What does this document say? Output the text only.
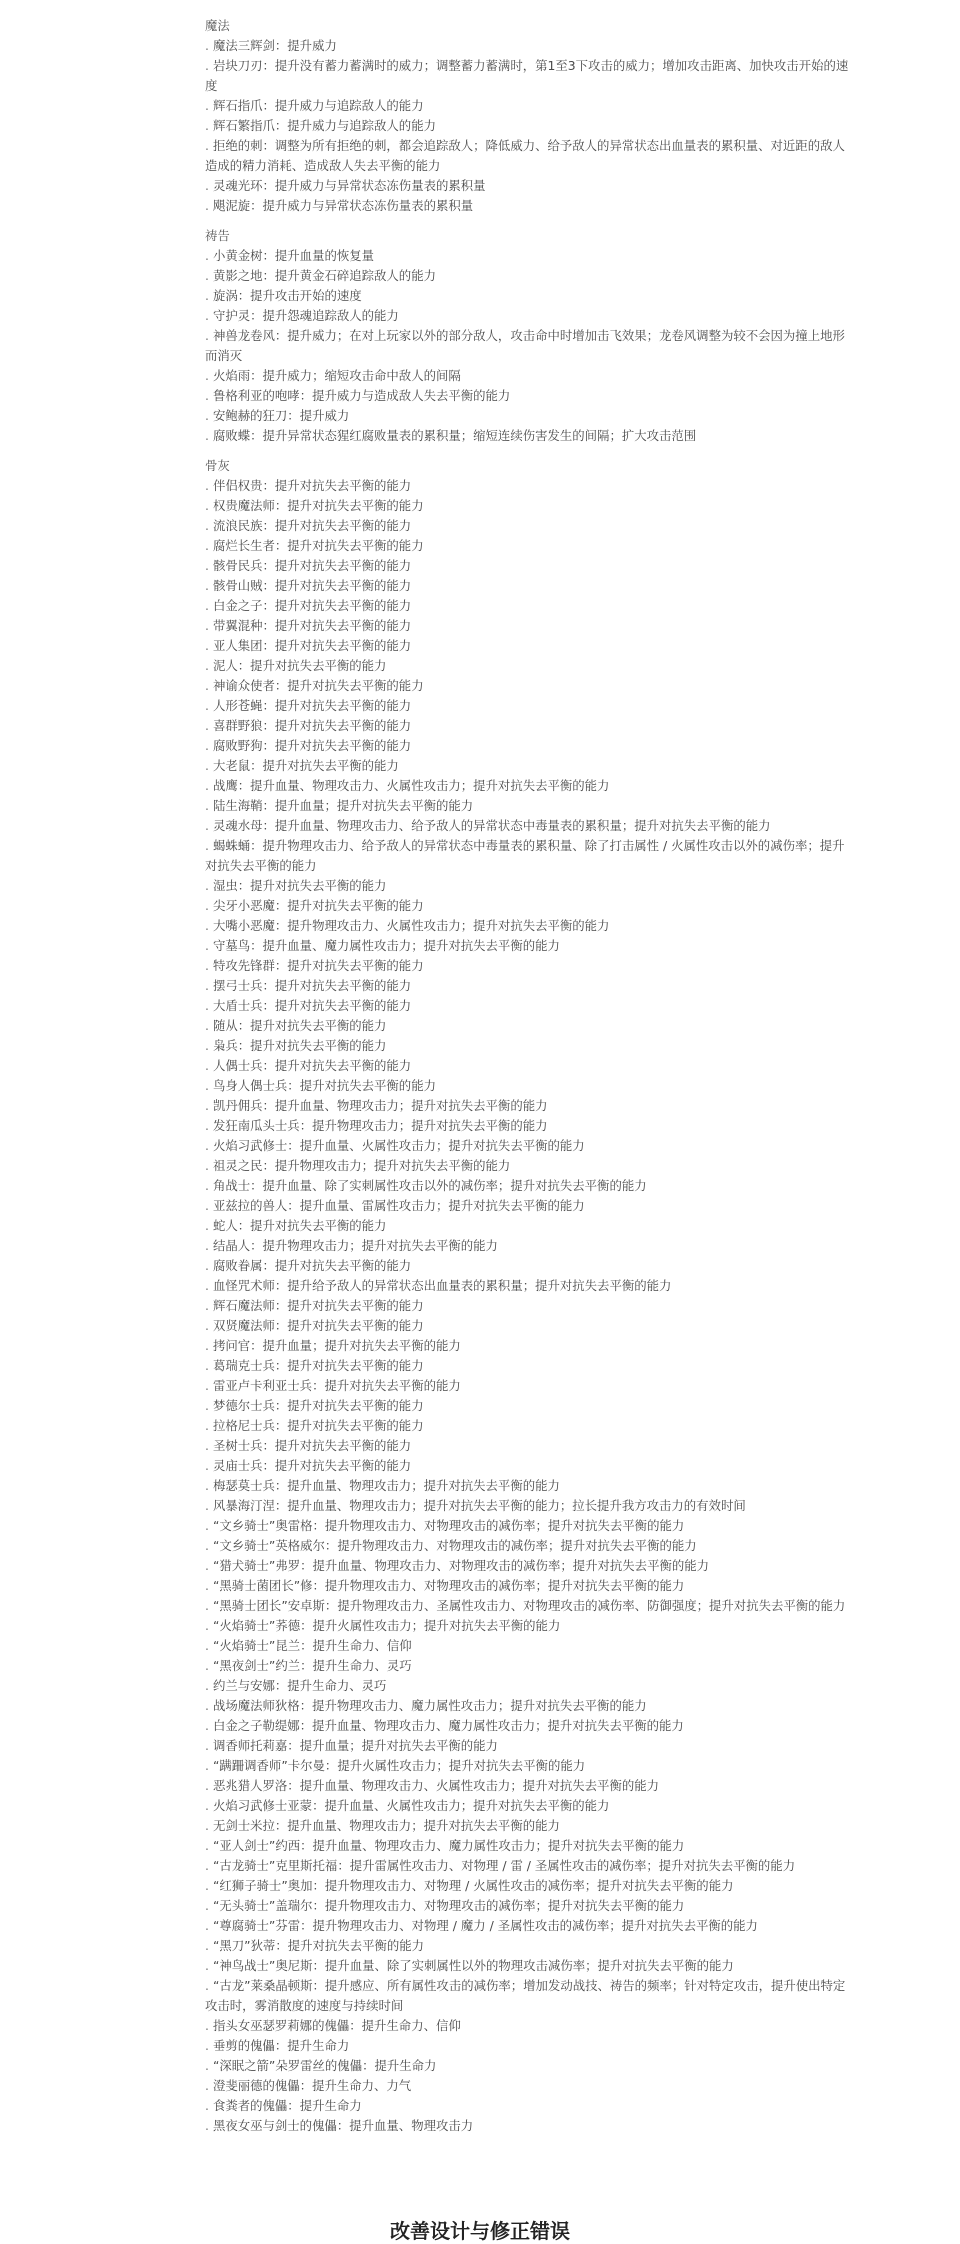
魔法

. 魔法三辉剑：提升威力

. 岩块刀刃：提升没有蓄力蓄满时的威力；调整蓄力蓄满时，第1至3下攻击的威力；增加攻击距离、加快攻击开始的速度

. 辉石指爪：提升威力与追踪敌人的能力

. 辉石繁指爪：提升威力与追踪敌人的能力

. 拒绝的刺：调整为所有拒绝的刺，都会追踪敌人；降低威力、给予敌人的异常状态出血量表的累积量、对近距的敌人造成的精力消耗、造成敌人失去平衡的能力

. 灵魂光环：提升威力与异常状态冻伤量表的累积量

. 飓泥旋：提升威力与异常状态冻伤量表的累积量

祷告

. 小黄金树：提升血量的恢复量

. 黄影之地：提升黄金石碎追踪敌人的能力

. 旋涡：提升攻击开始的速度

. 守护灵：提升怨魂追踪敌人的能力

. 神兽龙卷风：提升威力；在对上玩家以外的部分敌人，攻击命中时增加击飞效果；龙卷风调整为较不会因为撞上地形而消灭

. 火焰雨：提升威力；缩短攻击命中敌人的间隔

. 鲁格利亚的咆哮：提升威力与造成敌人失去平衡的能力

. 安鲍赫的狂刀：提升威力

. 腐败蝶：提升异常状态猩红腐败量表的累积量；缩短连续伤害发生的间隔；扩大攻击范围

骨灰

. 伴侣权贵：提升对抗失去平衡的能力

. 权贵魔法师：提升对抗失去平衡的能力

. 流浪民族：提升对抗失去平衡的能力

. 腐烂长生者：提升对抗失去平衡的能力

. 骸骨民兵：提升对抗失去平衡的能力

. 骸骨山贼：提升对抗失去平衡的能力

. 白金之子：提升对抗失去平衡的能力

. 带翼混种：提升对抗失去平衡的能力

. 亚人集团：提升对抗失去平衡的能力

. 泥人：提升对抗失去平衡的能力

. 神谕众使者：提升对抗失去平衡的能力

. 人形苍蝇：提升对抗失去平衡的能力

. 喜群野狼：提升对抗失去平衡的能力

. 腐败野狗：提升对抗失去平衡的能力

. 大老鼠：提升对抗失去平衡的能力

. 战鹰：提升血量、物理攻击力、火属性攻击力；提升对抗失去平衡的能力

. 陆生海鞘：提升血量；提升对抗失去平衡的能力

. 灵魂水母：提升血量、物理攻击力、给予敌人的异常状态中毒量表的累积量；提升对抗失去平衡的能力

. 蝎蛛蛹：提升物理攻击力、给予敌人的异常状态中毒量表的累积量、除了打击属性 / 火属性攻击以外的减伤率；提升对抗失去平衡的能力

. 湿虫：提升对抗失去平衡的能力

. 尖牙小恶魔：提升对抗失去平衡的能力

. 大嘴小恶魔：提升物理攻击力、火属性攻击力；提升对抗失去平衡的能力

. 守墓鸟：提升血量、魔力属性攻击力；提升对抗失去平衡的能力

. 特攻先锋群：提升对抗失去平衡的能力

. 摆弓士兵：提升对抗失去平衡的能力

. 大盾士兵：提升对抗失去平衡的能力

. 随从：提升对抗失去平衡的能力

. 枭兵：提升对抗失去平衡的能力

. 人偶士兵：提升对抗失去平衡的能力

. 鸟身人偶士兵：提升对抗失去平衡的能力

. 凯丹佣兵：提升血量、物理攻击力；提升对抗失去平衡的能力

. 发狂南瓜头士兵：提升物理攻击力；提升对抗失去平衡的能力

. 火焰习武修士：提升血量、火属性攻击力；提升对抗失去平衡的能力

. 祖灵之民：提升物理攻击力；提升对抗失去平衡的能力

. 角战士：提升血量、除了实刺属性攻击以外的减伤率；提升对抗失去平衡的能力

. 亚兹拉的兽人：提升血量、雷属性攻击力；提升对抗失去平衡的能力

. 蛇人：提升对抗失去平衡的能力

. 结晶人：提升物理攻击力；提升对抗失去平衡的能力

. 腐败眷属：提升对抗失去平衡的能力

. 血怪咒术师：提升给予敌人的异常状态出血量表的累积量；提升对抗失去平衡的能力

. 辉石魔法师：提升对抗失去平衡的能力

. 双贤魔法师：提升对抗失去平衡的能力

. 拷问官：提升血量；提升对抗失去平衡的能力

. 葛瑞克士兵：提升对抗失去平衡的能力

. 雷亚卢卡利亚士兵：提升对抗失去平衡的能力

. 梦德尔士兵：提升对抗失去平衡的能力

. 拉格尼士兵：提升对抗失去平衡的能力

. 圣树士兵：提升对抗失去平衡的能力

. 灵庙士兵：提升对抗失去平衡的能力

. 梅瑟莫士兵：提升血量、物理攻击力；提升对抗失去平衡的能力

. 风暴海汀涅：提升血量、物理攻击力；提升对抗失去平衡的能力；拉长提升我方攻击力的有效时间

. “文乡骑士”奥雷格：提升物理攻击力、对物理攻击的减伤率；提升对抗失去平衡的能力

. “文乡骑士”英格威尔：提升物理攻击力、对物理攻击的减伤率；提升对抗失去平衡的能力

. “猎犬骑士”弗罗：提升血量、物理攻击力、对物理攻击的减伤率；提升对抗失去平衡的能力

. “黑骑士菌团长”修：提升物理攻击力、对物理攻击的减伤率；提升对抗失去平衡的能力

. “黑骑士团长”安卓斯：提升物理攻击力、圣属性攻击力、对物理攻击的减伤率、防御强度；提升对抗失去平衡的能力

. “火焰骑士”荞德：提升火属性攻击力；提升对抗失去平衡的能力

. “火焰骑士”昆兰：提升生命力、信仰

. “黑夜剑士”约兰：提升生命力、灵巧

. 约兰与安娜：提升生命力、灵巧

. 战场魔法师狄格：提升物理攻击力、魔力属性攻击力；提升对抗失去平衡的能力

. 白金之子勒缇娜：提升血量、物理攻击力、魔力属性攻击力；提升对抗失去平衡的能力

. 调香师托莉嘉：提升血量；提升对抗失去平衡的能力

. “蹒跚调香师”卡尔曼：提升火属性攻击力；提升对抗失去平衡的能力

. 恶兆猎人罗洛：提升血量、物理攻击力、火属性攻击力；提升对抗失去平衡的能力

. 火焰习武修士亚蒙：提升血量、火属性攻击力；提升对抗失去平衡的能力

. 无剑士米拉：提升血量、物理攻击力；提升对抗失去平衡的能力

. “亚人剑士”约西：提升血量、物理攻击力、魔力属性攻击力；提升对抗失去平衡的能力

. “古龙骑士”克里斯托福：提升雷属性攻击力、对物理 / 雷 / 圣属性攻击的减伤率；提升对抗失去平衡的能力

. “红狮子骑士”奥加：提升物理攻击力、对物理 / 火属性攻击的减伤率；提升对抗失去平衡的能力

. “无头骑士”盖瑞尔：提升物理攻击力、对物理攻击的减伤率；提升对抗失去平衡的能力

. “尊腐骑士”芬雷：提升物理攻击力、对物理 / 魔力 / 圣属性攻击的减伤率；提升对抗失去平衡的能力

. “黑刀”狄蒂：提升对抗失去平衡的能力

. “神鸟战士”奥尼斯：提升血量、除了实刺属性以外的物理攻击减伤率；提升对抗失去平衡的能力

. “古龙”莱桑晶顿斯：提升感应、所有属性攻击的减伤率；增加发动战技、祷告的频率；针对特定攻击，提升使出特定攻击时，雾消散度的速度与持续时间

. 指头女巫瑟罗莉娜的傀儡：提升生命力、信仰

. 垂剪的傀儡：提升生命力

. “深眠之箭”朵罗雷丝的傀儡：提升生命力

. 澄斐丽德的傀儡：提升生命力、力气

. 食粪者的傀儡：提升生命力

. 黑夜女巫与剑士的傀儡：提升血量、物理攻击力

改善设计与修正错误
